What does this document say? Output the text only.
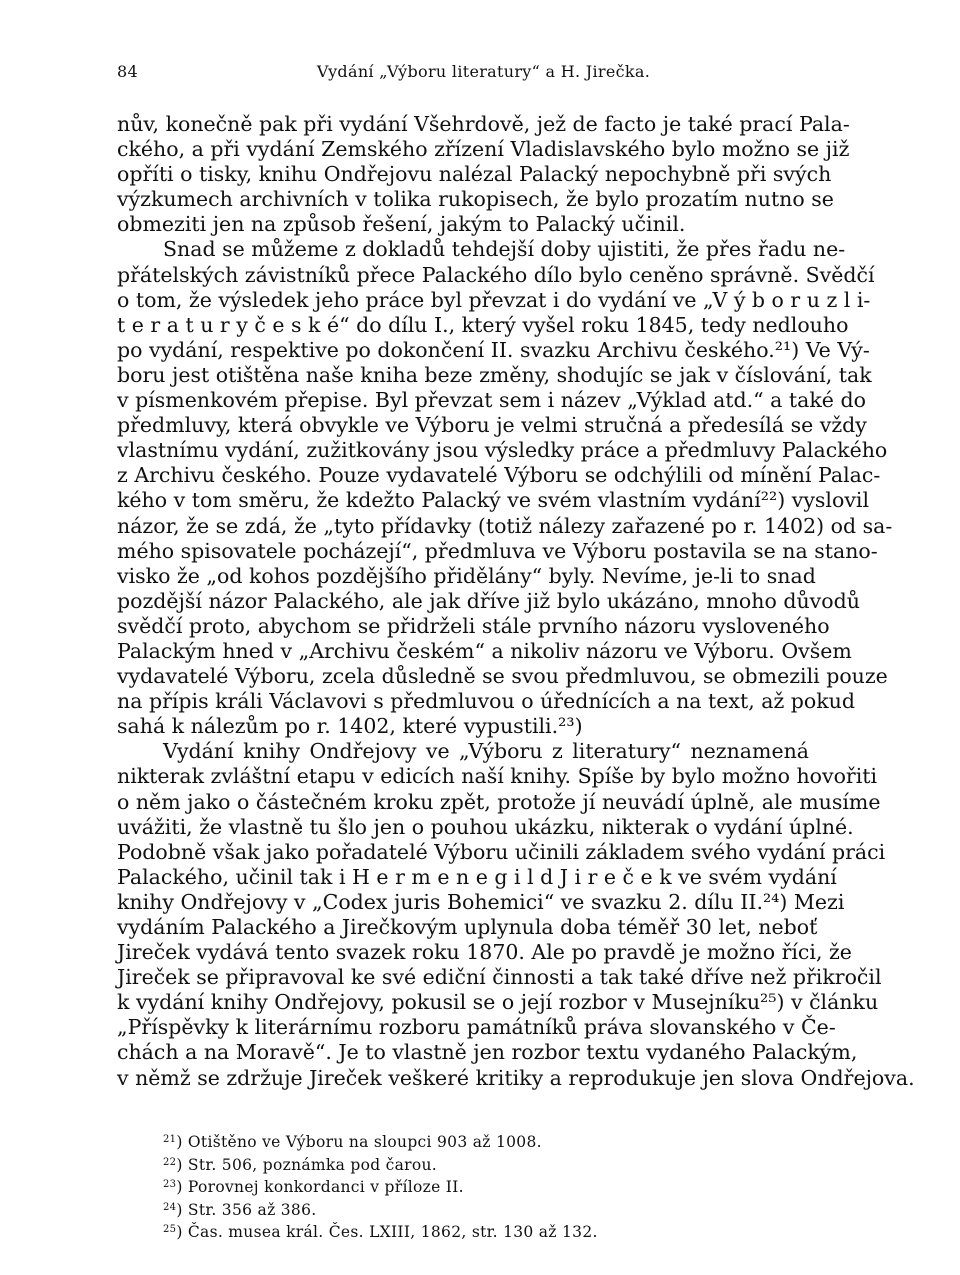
84	Vydání „Výboru literatury“ a H. Jirečka.
nův, konečně pak při vydání Všehrdově, jež de facto je také prací Pala-
ckého, a při vydání Zemského zřízení Vladislavského bylo možno se již
opříti o tisky, knihu Ondřejovu nalézal Palacký nepochybně při svých
výzkumech archivních v tolika rukopisech, že bylo prozatím nutno se
obmeziti jen na způsob řešení, jakým to Palacký učinil.
Snad se můžeme z dokladů tehdejší doby ujistiti, že přes řadu ne-
přátelských závistníků přece Palackého dílo bylo ceněno správně. Svědčí
o tom, že výsledek jeho práce byl převzat i do vydání ve „V ý b o r u z l i-
t e r a t u r y č e s k é“ do dílu I., který vyšel roku 1845, tedy nedlouho
po vydání, respektive po dokončení II. svazku Archivu českého.²¹) Ve Vý-
boru jest otištěna naše kniha beze změny, shodujíc se jak v číslování, tak
v písmenkovém přepise. Byl převzat sem i název „Výklad atd.“ a také do
předmluvy, která obvykle ve Výboru je velmi stručná a předesílá se vždy
vlastnímu vydání, zužitkovány jsou výsledky práce a předmluvy Palackého
z Archivu českého. Pouze vydavatelé Výboru se odchýlili od mínění Palac-
kého v tom směru, že kdežto Palacký ve svém vlastním vydání²²) vyslovil
názor, že se zdá, že „tyto přídavky (totiž nálezy zařazené po r. 1402) od sa-
mého spisovatele pocházejí“, předmluva ve Výboru postavila se na stano-
visko že „od kohos pozdějšího přidělány“ byly. Nevíme, je-li to snad
pozdější názor Palackého, ale jak dříve již bylo ukázáno, mnoho důvodů
svědčí proto, abychom se přidrželi stále prvního názoru vysloveného
Palackým hned v „Archivu českém“ a nikoliv názoru ve Výboru. Ovšem
vydavatelé Výboru, zcela důsledně se svou předmluvou, se obmezili pouze
na přípis králi Václavovi s předmluvou o úřednících a na text, až pokud
sahá k nálezům po r. 1402, které vypustili.²³)
Vydání knihy Ondřejovy ve „Výboru z literatury“ neznamená
nikterak zvláštní etapu v edicích naší knihy. Spíše by bylo možno hovořiti
o něm jako o částečném kroku zpět, protože jí neuvádí úplně, ale musíme
uvážiti, že vlastně tu šlo jen o pouhou ukázku, nikterak o vydání úplné.
Podobně však jako pořadatelé Výboru učinili základem svého vydání práci
Palackého, učinil tak i H e r m e n e g i l d J i r e č e k ve svém vydání
knihy Ondřejovy v „Codex juris Bohemici“ ve svazku 2. dílu II.²⁴) Mezi
vydáním Palackého a Jirečkovým uplynula doba téměř 30 let, neboť
Jireček vydává tento svazek roku 1870. Ale po pravdě je možno říci, že
Jireček se připravoval ke své ediční činnosti a tak také dříve než přikročil
k vydání knihy Ondřejovy, pokusil se o její rozbor v Musejníku²⁵) v článku
„Příspěvky k literárnímu rozboru památníků práva slovanského v Če-
chách a na Moravě“. Je to vlastně jen rozbor textu vydaného Palackým,
v němž se zdržuje Jireček veškeré kritiky a reprodukuje jen slova Ondřejova.
$^{21}$) Otištěno ve Výboru na sloupci 903 až 1008.
$^{22}$) Str. 506, poznámka pod čarou.
$^{23}$) Porovnej konkordanci v příloze II.
$^{24}$) Str. 356 až 386.
$^{25}$) Čas. musea král. Čes. LXIII, 1862, str. 130 až 132.
